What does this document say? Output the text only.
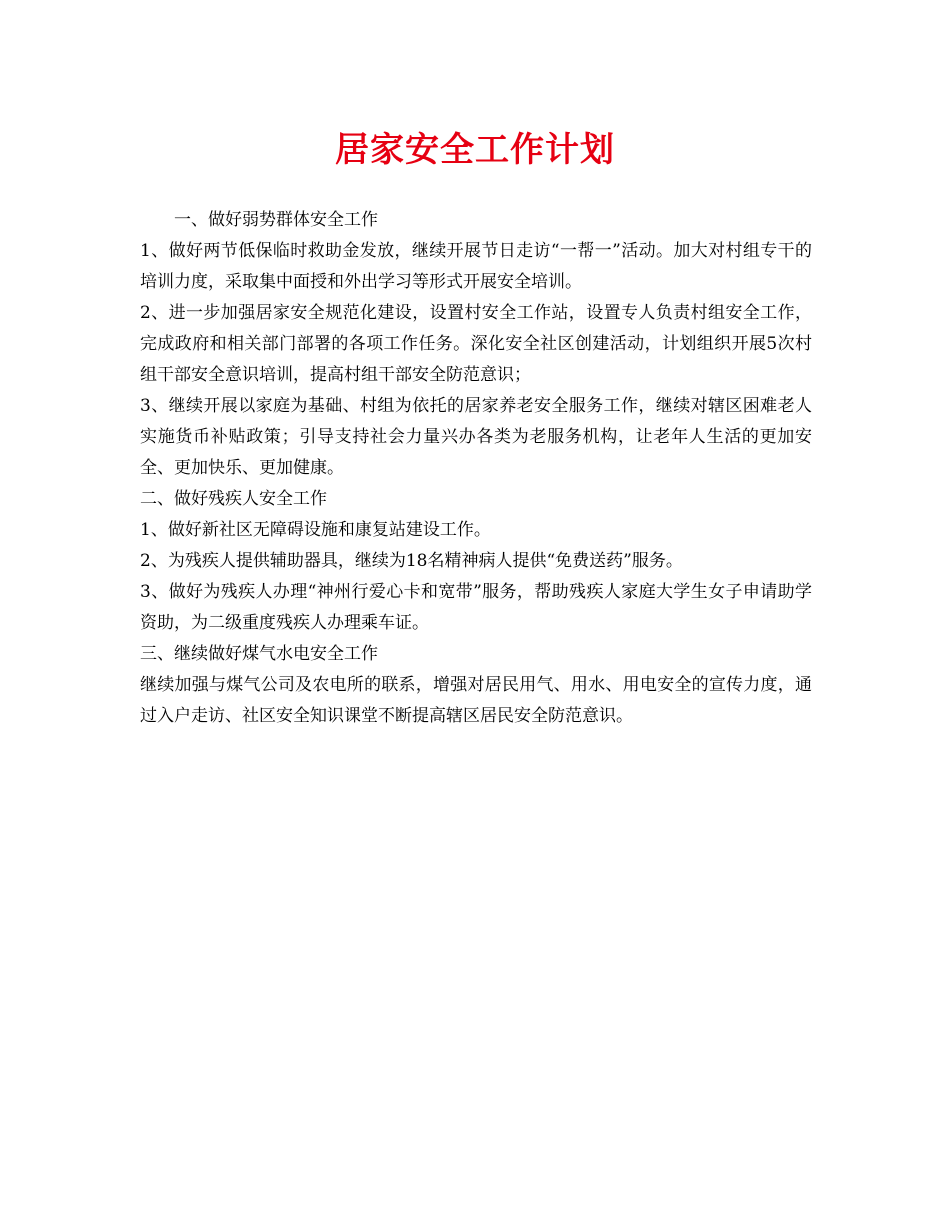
居家安全工作计划

一、做好弱势群体安全工作

1、做好两节低保临时救助金发放，继续开展节日走访“一帮一”活动。加大对村组专干的培训力度，采取集中面授和外出学习等形式开展安全培训。

2、进一步加强居家安全规范化建设，设置村安全工作站，设置专人负责村组安全工作，完成政府和相关部门部署的各项工作任务。深化安全社区创建活动，计划组织开展5次村组干部安全意识培训，提高村组干部安全防范意识；

3、继续开展以家庭为基础、村组为依托的居家养老安全服务工作，继续对辖区困难老人实施货币补贴政策；引导支持社会力量兴办各类为老服务机构，让老年人生活的更加安全、更加快乐、更加健康。

二、做好残疾人安全工作

1、做好新社区无障碍设施和康复站建设工作。

2、为残疾人提供辅助器具，继续为18名精神病人提供“免费送药”服务。

3、做好为残疾人办理“神州行爱心卡和宽带”服务，帮助残疾人家庭大学生女子申请助学资助，为二级重度残疾人办理乘车证。

三、继续做好煤气水电安全工作

继续加强与煤气公司及农电所的联系，增强对居民用气、用水、用电安全的宣传力度，通过入户走访、社区安全知识课堂不断提高辖区居民安全防范意识。
